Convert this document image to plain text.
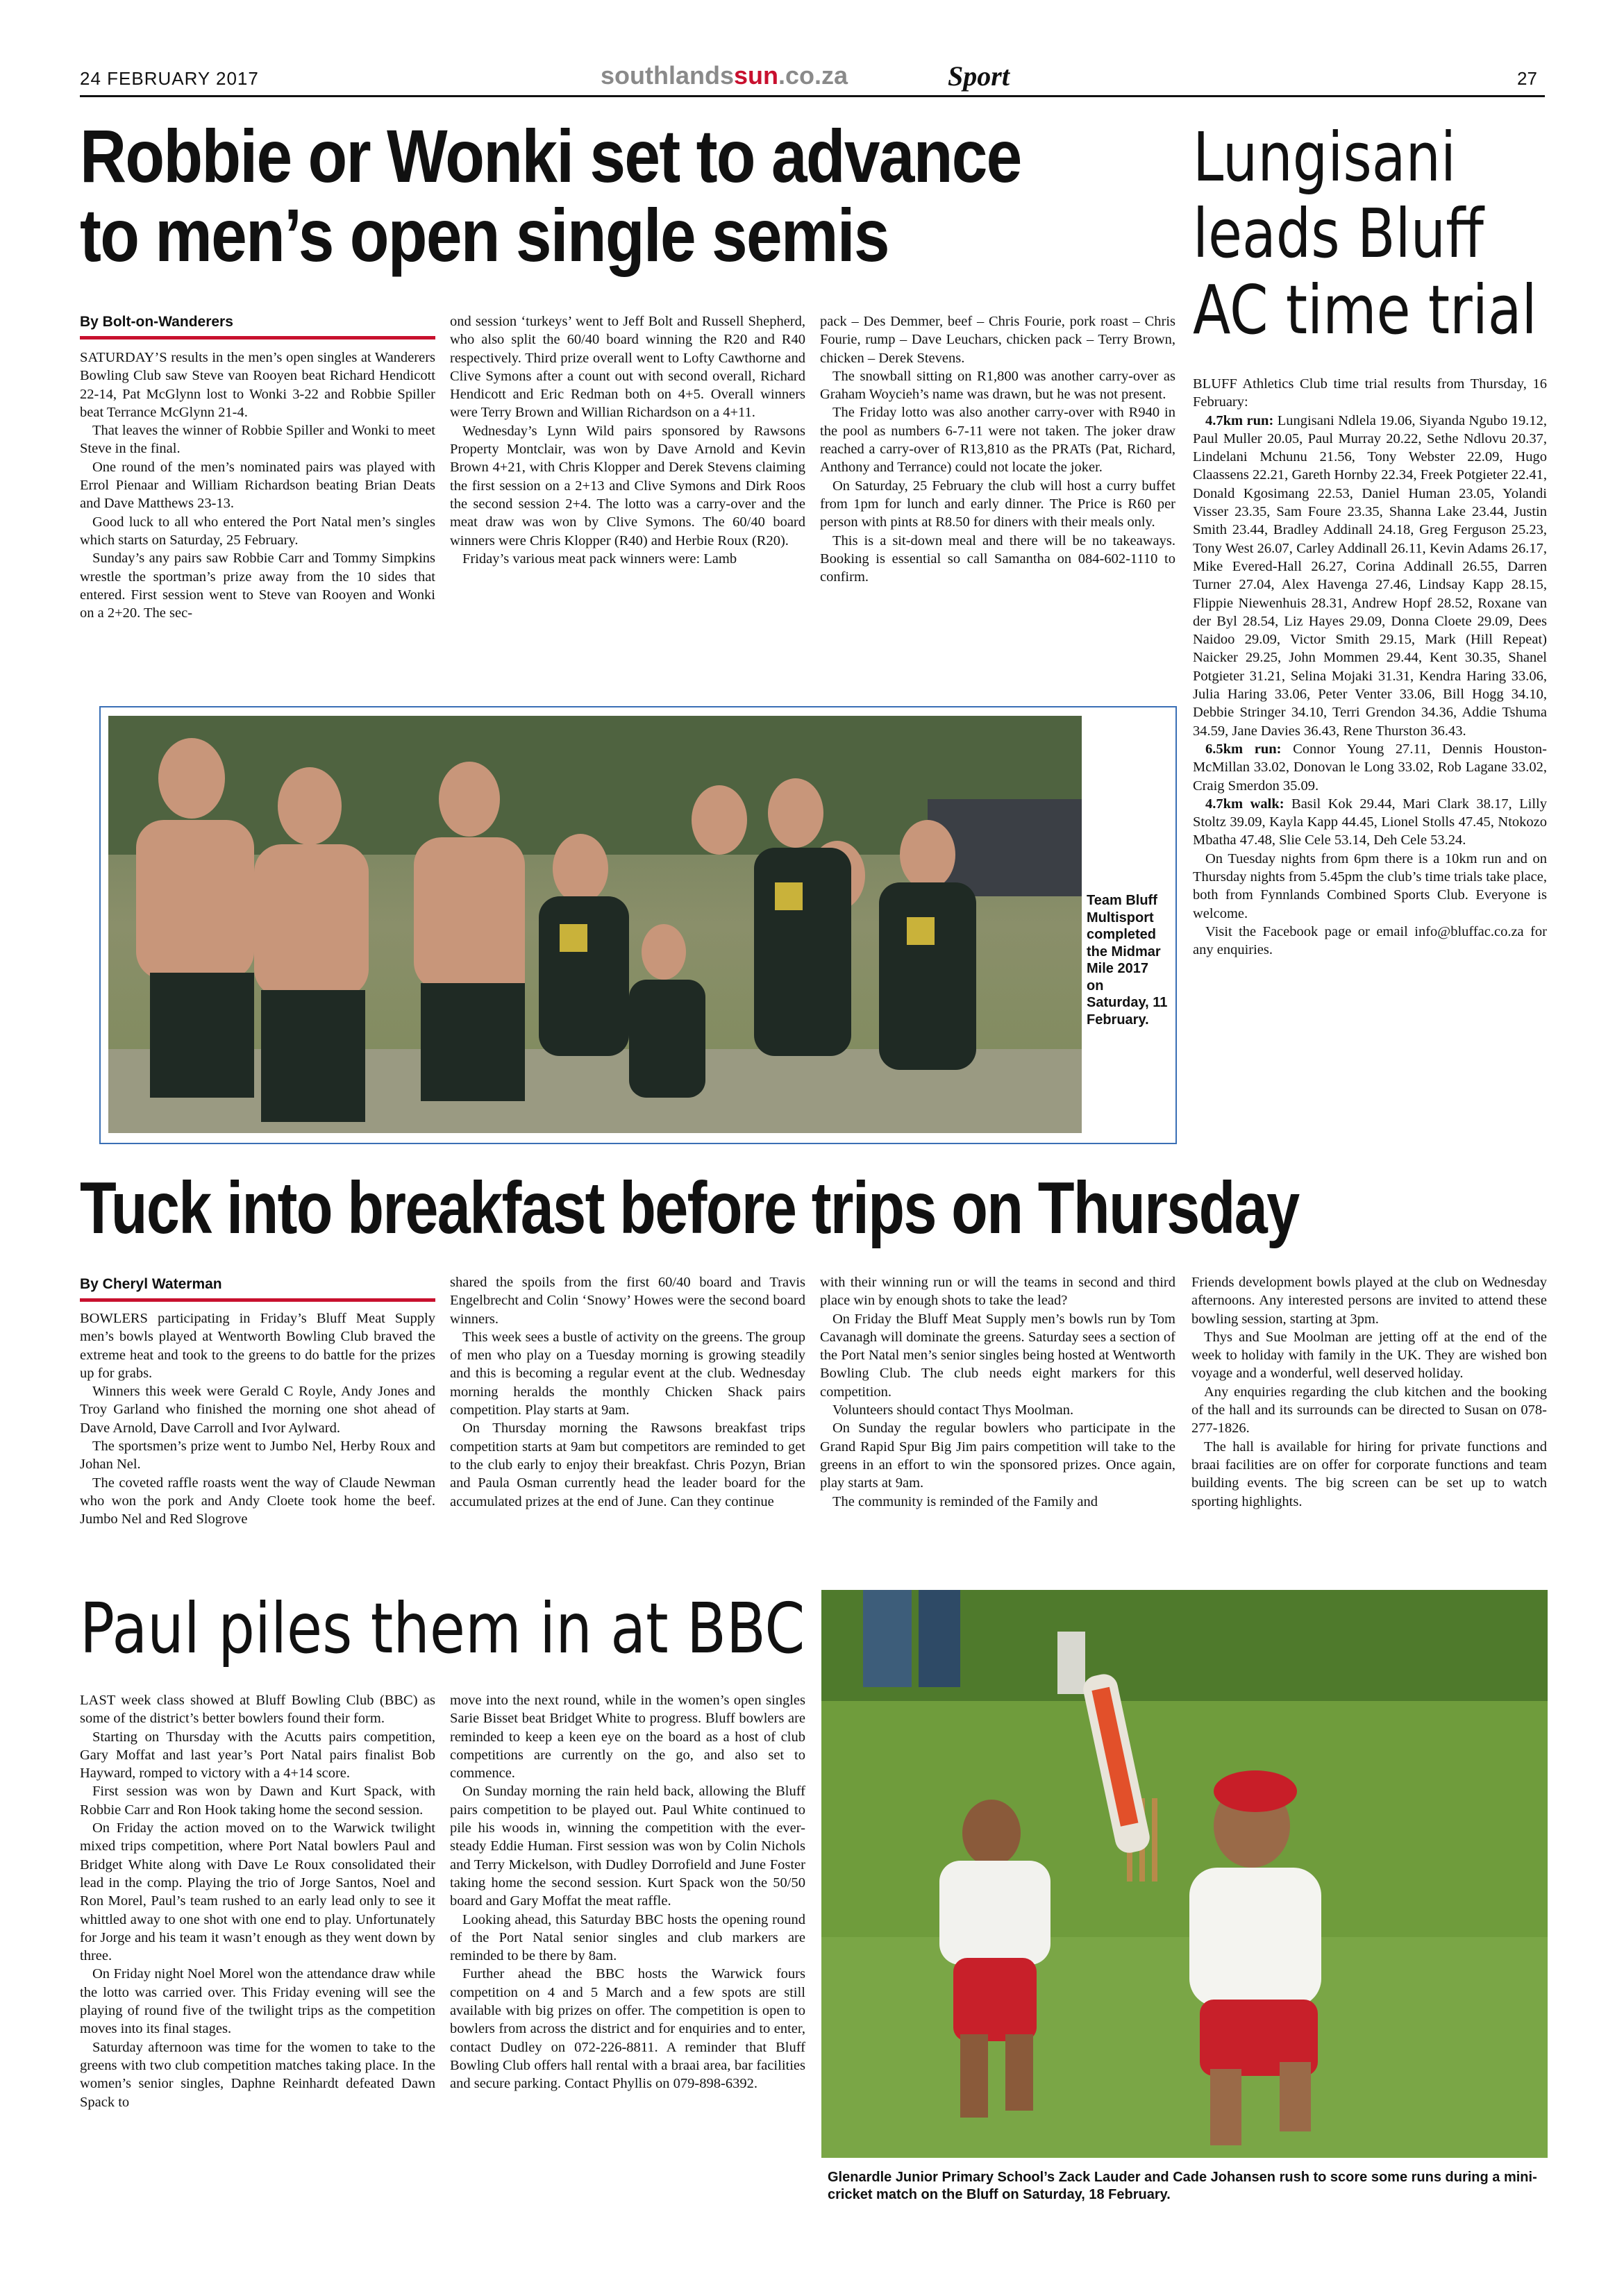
24 FEBRUARY 2017	southlandssun.co.za	Sport	27
Robbie or Wonki set to advance
to men’s open single semis
By Bolt-on-Wanderers

SATURDAY’S results in the men’s open singles at Wanderers Bowling Club saw Steve van Rooyen beat Richard Hendicott 22-14, Pat McGlynn lost to Wonki 3-22 and Robbie Spiller beat Terrance McGlynn 21-4.

That leaves the winner of Robbie Spiller and Wonki to meet Steve in the final.

One round of the men’s nominated pairs was played with Errol Pienaar and William Richardson beating Brian Deats and Dave Matthews 23-13.

Good luck to all who entered the Port Natal men’s singles which starts on Saturday, 25 February.

Sunday’s any pairs saw Robbie Carr and Tommy Simpkins wrestle the sportman’s prize away from the 10 sides that entered. First session went to Steve van Rooyen and Wonki on a 2+20. The sec-

ond session ‘turkeys’ went to Jeff Bolt and Russell Shepherd, who also split the 60/40 board winning the R20 and R40 respectively. Third prize overall went to Lofty Cawthorne and Clive Symons after a count out with second overall, Richard Hendicott and Eric Redman both on 4+5. Overall winners were Terry Brown and Willian Richardson on a 4+11.

Wednesday’s Lynn Wild pairs sponsored by Rawsons Property Montclair, was won by Dave Arnold and Kevin Brown 4+21, with Chris Klopper and Derek Stevens claiming the first session on a 2+13 and Clive Symons and Dirk Roos the second session 2+4. The lotto was a carry-over and the meat draw was won by Clive Symons. The 60/40 board winners were Chris Klopper (R40) and Herbie Roux (R20).

Friday’s various meat pack winners were: Lamb

pack – Des Demmer, beef – Chris Fourie, pork roast – Chris Fourie, rump – Dave Leuchars, chicken pack – Terry Brown, chicken – Derek Stevens.

The snowball sitting on R1,800 was another carry-over as Graham Woycieh’s name was drawn, but he was not present.

The Friday lotto was also another carry-over with R940 in the pool as numbers 6-7-11 were not taken. The joker draw reached a carry-over of R13,810 as the PRATs (Pat, Richard, Anthony and Terrance) could not locate the joker.

On Saturday, 25 February the club will host a curry buffet from 1pm for lunch and early dinner. The Price is R60 per person with pints at R8.50 for diners with their meals only.

This is a sit-down meal and there will be no takeaways. Booking is essential so call Samantha on 084-602-1110 to confirm.

Team Bluff Multisport completed the Midmar Mile 2017 on Saturday, 11 February.
Lungisani
leads Bluff
AC time trial

BLUFF Athletics Club time trial results from Thursday, 16 February:

4.7km run: Lungisani Ndlela 19.06, Siyanda Ngubo 19.12, Paul Muller 20.05, Paul Murray 20.22, Sethe Ndlovu 20.37, Lindelani Mchunu 21.56, Tony Webster 22.09, Hugo Claassens 22.21, Gareth Hornby 22.34, Freek Potgieter 22.41, Donald Kgosimang 22.53, Daniel Human 23.05, Yolandi Visser 23.35, Sam Foure 23.35, Shanna Lake 23.44, Justin Smith 23.44, Bradley Addinall 24.18, Greg Ferguson 25.23, Tony West 26.07, Carley Addinall 26.11, Kevin Adams 26.17, Mike Evered-Hall 26.27, Corina Addinall 26.55, Darren Turner 27.04, Alex Havenga 27.46, Lindsay Kapp 28.15, Flippie Niewenhuis 28.31, Andrew Hopf 28.52, Roxane van der Byl 28.54, Liz Hayes 29.09, Donna Cloete 29.09, Dees Naidoo 29.09, Victor Smith 29.15, Mark (Hill Repeat) Naicker 29.25, John Mommen 29.44, Kent 30.35, Shanel Potgieter 31.21, Selina Mojaki 31.31, Kendra Haring 33.06, Julia Haring 33.06, Peter Venter 33.06, Bill Hogg 34.10, Debbie Stringer 34.10, Terri Grendon 34.36, Addie Tshuma 34.59, Jane Davies 36.43, Rene Thurston 36.43.

6.5km run: Connor Young 27.11, Dennis Houston-McMillan 33.02, Donovan le Long 33.02, Rob Lagane 33.02, Craig Smerdon 35.09.

4.7km walk: Basil Kok 29.44, Mari Clark 38.17, Lilly Stoltz 39.09, Kayla Kapp 44.45, Lionel Stolls 47.45, Ntokozo Mbatha 47.48, Slie Cele 53.14, Deh Cele 53.24.

On Tuesday nights from 6pm there is a 10km run and on Thursday nights from 5.45pm the club’s time trials take place, both from Fynnlands Combined Sports Club. Everyone is welcome.

Visit the Facebook page or email info@bluffac.co.za for any enquiries.

Tuck into breakfast before trips on Thursday
By Cheryl Waterman

BOWLERS participating in Friday’s Bluff Meat Supply men’s bowls played at Wentworth Bowling Club braved the extreme heat and took to the greens to do battle for the prizes up for grabs.

Winners this week were Gerald C Royle, Andy Jones and Troy Garland who finished the morning one shot ahead of Dave Arnold, Dave Carroll and Ivor Aylward.

The sportsmen’s prize went to Jumbo Nel, Herby Roux and Johan Nel.

The coveted raffle roasts went the way of Claude Newman who won the pork and Andy Cloete took home the beef. Jumbo Nel and Red Slogrove

shared the spoils from the first 60/40 board and Travis Engelbrecht and Colin ‘Snowy’ Howes were the second board winners.

This week sees a bustle of activity on the greens. The group of men who play on a Tuesday morning is growing steadily and this is becoming a regular event at the club. Wednesday morning heralds the monthly Chicken Shack pairs competition. Play starts at 9am.

On Thursday morning the Rawsons breakfast trips competition starts at 9am but competitors are reminded to get to the club early to enjoy their breakfast. Chris Pozyn, Brian and Paula Osman currently head the leader board for the accumulated prizes at the end of June. Can they continue

with their winning run or will the teams in second and third place win by enough shots to take the lead?

On Friday the Bluff Meat Supply men’s bowls run by Tom Cavanagh will dominate the greens. Saturday sees a section of the Port Natal men’s senior singles being hosted at Wentworth Bowling Club. The club needs eight markers for this competition.

Volunteers should contact Thys Moolman.

On Sunday the regular bowlers who participate in the Grand Rapid Spur Big Jim pairs competition will take to the greens in an effort to win the sponsored prizes. Once again, play starts at 9am.

The community is reminded of the Family and

Friends development bowls played at the club on Wednesday afternoons. Any interested persons are invited to attend these bowling session, starting at 3pm.

Thys and Sue Moolman are jetting off at the end of the week to holiday with family in the UK. They are wished bon voyage and a wonderful, well deserved holiday.

Any enquiries regarding the club kitchen and the booking of the hall and its surrounds can be directed to Susan on 078-277-1826.

The hall is available for hiring for private functions and braai facilities are on offer for corporate functions and team building events. The big screen can be set up to watch sporting highlights.

Paul piles them in at BBC

LAST week class showed at Bluff Bowling Club (BBC) as some of the district’s better bowlers found their form.

Starting on Thursday with the Acutts pairs competition, Gary Moffat and last year’s Port Natal pairs finalist Bob Hayward, romped to victory with a 4+14 score.

First session was won by Dawn and Kurt Spack, with Robbie Carr and Ron Hook taking home the second session.

On Friday the action moved on to the Warwick twilight mixed trips competition, where Port Natal bowlers Paul and Bridget White along with Dave Le Roux consolidated their lead in the comp. Playing the trio of Jorge Santos, Noel and Ron Morel, Paul’s team rushed to an early lead only to see it whittled away to one shot with one end to play. Unfortunately for Jorge and his team it wasn’t enough as they went down by three.

On Friday night Noel Morel won the attendance draw while the lotto was carried over. This Friday evening will see the playing of round five of the twilight trips as the competition moves into its final stages.

Saturday afternoon was time for the women to take to the greens with two club competition matches taking place. In the women’s senior singles, Daphne Reinhardt defeated Dawn Spack to

move into the next round, while in the women’s open singles Sarie Bisset beat Bridget White to progress. Bluff bowlers are reminded to keep a keen eye on the board as a host of club competitions are currently on the go, and also set to commence.

On Sunday morning the rain held back, allowing the Bluff pairs competition to be played out. Paul White continued to pile his woods in, winning the competition with the ever-steady Eddie Human. First session was won by Colin Nichols and Terry Mickelson, with Dudley Dorrofield and June Foster taking home the second session. Kurt Spack won the 50/50 board and Gary Moffat the meat raffle.

Looking ahead, this Saturday BBC hosts the opening round of the Port Natal senior singles and club markers are reminded to be there by 8am.

Further ahead the BBC hosts the Warwick fours competition on 4 and 5 March and a few spots are still available with big prizes on offer. The competition is open to bowlers from across the district and for enquiries and to enter, contact Dudley on 072-226-8811. A reminder that Bluff Bowling Club offers hall rental with a braai area, bar facilities and secure parking. Contact Phyllis on 079-898-6392.

Glenardle Junior Primary School’s Zack Lauder and Cade Johansen rush to score some runs during a mini-cricket match on the Bluff on Saturday, 18 February.
